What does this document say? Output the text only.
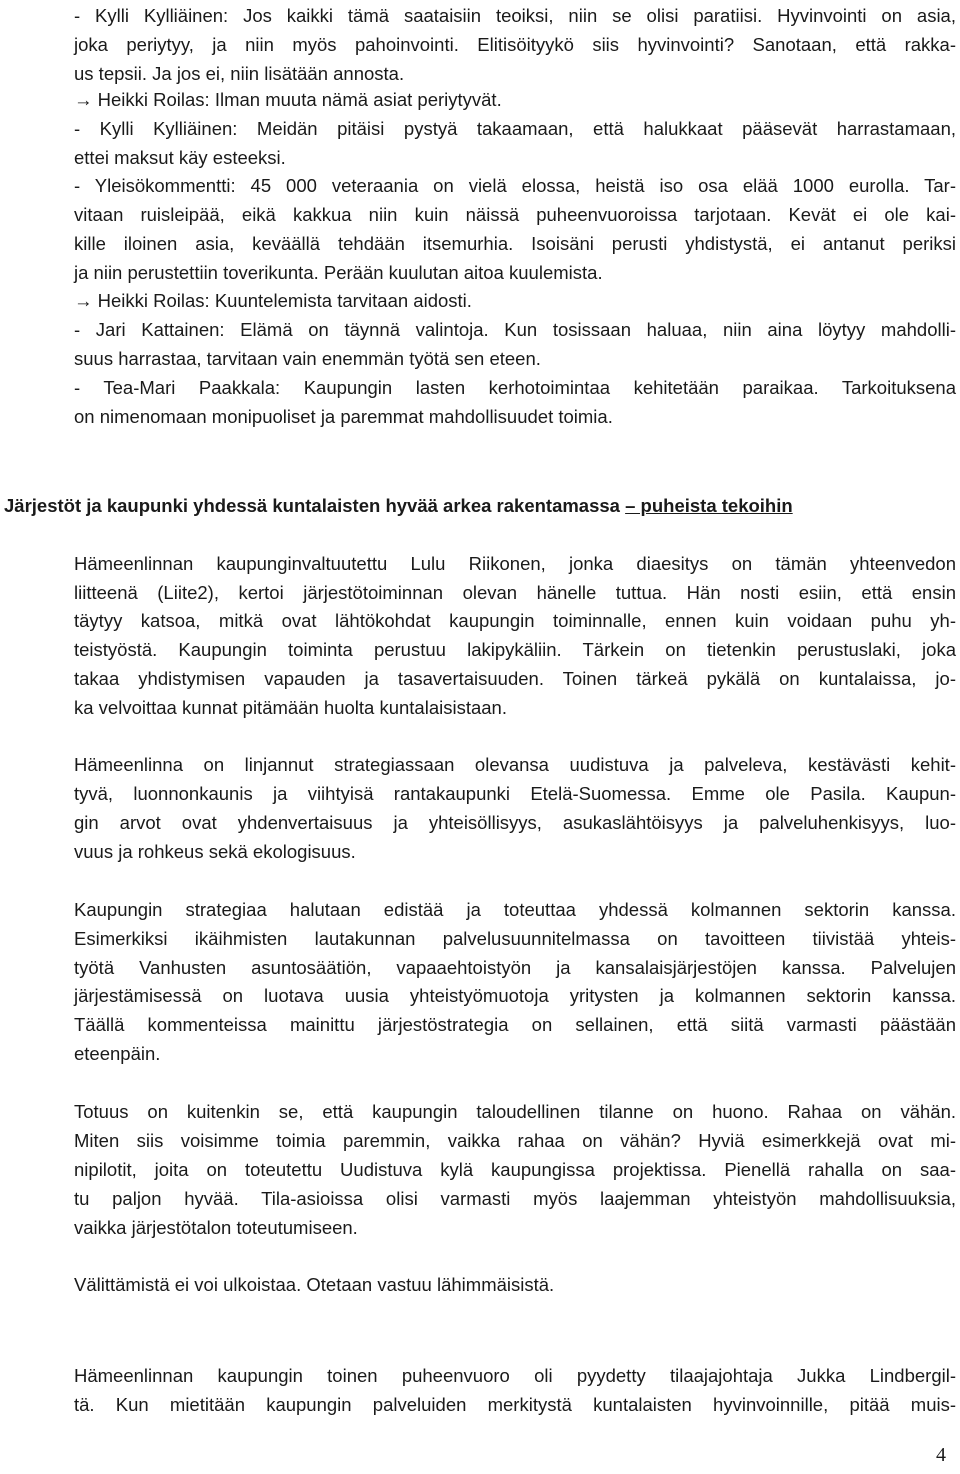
- Kylli Kylliäinen: Jos kaikki tämä saataisiin teoiksi, niin se olisi paratiisi. Hyvinvointi on asia,
joka periytyy, ja niin myös pahoinvointi. Elitisöityykö siis hyvinvointi? Sanotaan, että rakka-
us tepsii. Ja jos ei, niin lisätään annosta.
→ Heikki Roilas: Ilman muuta nämä asiat periytyvät.
- Kylli Kylliäinen: Meidän pitäisi pystyä takaamaan, että halukkaat pääsevät harrastamaan,
ettei maksut käy esteeksi.
- Yleisökommentti: 45 000 veteraania on vielä elossa, heistä iso osa elää 1000 eurolla. Tar-
vitaan ruisleipää, eikä kakkua niin kuin näissä puheenvuoroissa tarjotaan. Kevät ei ole kai-
kille iloinen asia, keväällä tehdään itsemurhia. Isoisäni perusti yhdistystä, ei antanut periksi
ja niin perustettiin toverikunta. Perään kuulutan aitoa kuulemista.
→ Heikki Roilas: Kuuntelemista tarvitaan aidosti.
- Jari Kattainen: Elämä on täynnä valintoja. Kun tosissaan haluaa, niin aina löytyy mahdolli-
suus harrastaa, tarvitaan vain enemmän työtä sen eteen.
- Tea-Mari Paakkala: Kaupungin lasten kerhotoimintaa kehitetään paraikaa. Tarkoituksena
on nimenomaan monipuoliset ja paremmat mahdollisuudet toimia.
Järjestöt ja kaupunki yhdessä kuntalaisten hyvää arkea rakentamassa – puheista tekoihin
Hämeenlinnan kaupunginvaltuutettu Lulu Riikonen, jonka diaesitys on tämän yhteenvedon
liitteenä (Liite2), kertoi järjestötoiminnan olevan hänelle tuttua. Hän nosti esiin, että ensin
täytyy katsoa, mitkä ovat lähtökohdat kaupungin toiminnalle, ennen kuin voidaan puhu yh-
teistyöstä. Kaupungin toiminta perustuu lakipykäliin. Tärkein on tietenkin perustuslaki, joka
takaa yhdistymisen vapauden ja tasavertaisuuden. Toinen tärkeä pykälä on kuntalaissa, jo-
ka velvoittaa kunnat pitämään huolta kuntalaisistaan.
Hämeenlinna on linjannut strategiassaan olevansa uudistuva ja palveleva, kestävästi kehit-
tyvä, luonnonkaunis ja viihtyisä rantakaupunki Etelä-Suomessa. Emme ole Pasila. Kaupun-
gin arvot ovat yhdenvertaisuus ja yhteisöllisyys, asukaslähtöisyys ja palveluhenkisyys, luo-
vuus ja rohkeus sekä ekologisuus.
Kaupungin strategiaa halutaan edistää ja toteuttaa yhdessä kolmannen sektorin kanssa.
Esimerkiksi ikäihmisten lautakunnan palvelusuunnitelmassa on tavoitteen tiivistää yhteis-
työtä Vanhusten asuntosäätiön, vapaaehtoistyön ja kansalaisjärjestöjen kanssa. Palvelujen
järjestämisessä on luotava uusia yhteistyömuotoja yritysten ja kolmannen sektorin kanssa.
Täällä kommenteissa mainittu järjestöstrategia on sellainen, että siitä varmasti päästään
eteenpäin.
Totuus on kuitenkin se, että kaupungin taloudellinen tilanne on huono. Rahaa on vähän.
Miten siis voisimme toimia paremmin, vaikka rahaa on vähän? Hyviä esimerkkejä ovat mi-
nipilotit, joita on toteutettu Uudistuva kylä kaupungissa projektissa. Pienellä rahalla on saa-
tu paljon hyvää. Tila-asioissa olisi varmasti myös laajemman yhteistyön mahdollisuuksia,
vaikka järjestötalon toteutumiseen.
Välittämistä ei voi ulkoistaa. Otetaan vastuu lähimmäisistä.
Hämeenlinnan kaupungin toinen puheenvuoro oli pyydetty tilaajajohtaja Jukka Lindbergil-
tä. Kun mietitään kaupungin palveluiden merkitystä kuntalaisten hyvinvoinnille, pitää muis-
4
